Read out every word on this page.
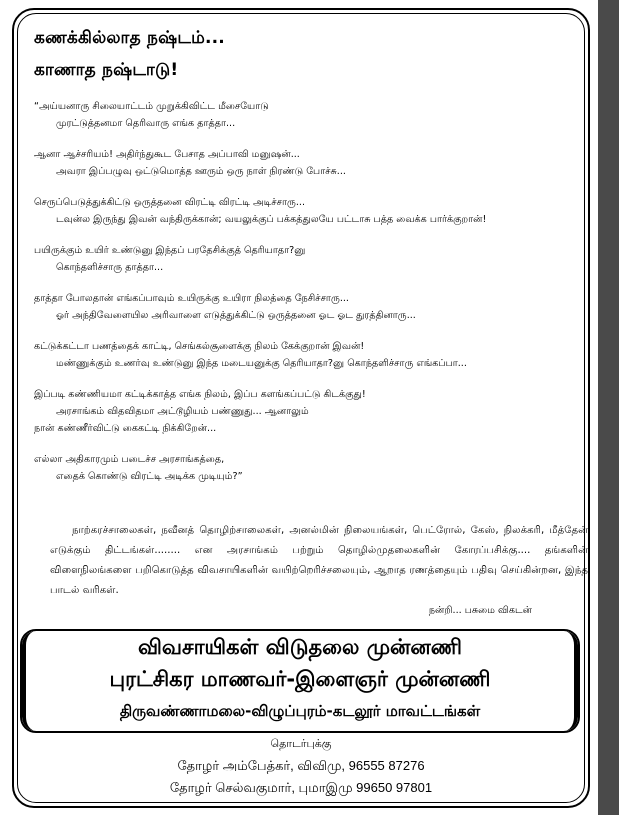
கணக்கில்லாத நஷ்டம்...
காணாத நஷ்டாடு!
“அய்யனாரு சிலையாட்டம் முறுக்கிவிட்ட மீசையோடு
முரட்டுத்தனமா தெரிவாரு எங்க தாத்தா...
ஆனா ஆச்சரியம்! அதிர்ந்துகூட பேசாத அப்பாவி மனுஷன்...
அவரா இப்பழுவு ஒட்டுமொத்த ஊரும் ஒரு நாள் நிரண்டு போச்சு...
செருப்பெடுத்துக்கிட்டு ஒருத்தனை விரட்டி விரட்டி அடிச்சாரு...
டவுன்ல இருந்து இவன் வந்திருக்கான்; வயலுக்குப் பக்கத்துலயே பட்டாசு பத்த வைக்க பார்க்குறான்!
பயிருக்கும் உயிர் உண்டுனு இந்தப் பரதேசிக்குத் தெரியாதா?னு
கொந்தளிச்சாரு தாத்தா...
தாத்தா போலதான் எங்கப்பாவும் உயிருக்கு உயிரா நிலத்தை நேசிச்சாரு...
ஓர் அந்திவேளையில அரிவாளை எடுத்துக்கிட்டு ஒருத்தனை ஓட ஓட துரத்தினாரு...
கட்டுக்கட்டா பணத்தைக் காட்டி, செங்கல்சூளைக்கு நிலம் கேக்குறான் இவன்!
மண்ணுக்கும் உணர்வு உண்டுனு இந்த மடையனுக்கு தெரியாதா?னு கொந்தளிச்சாரு எங்கப்பா...
இப்படி கண்ணியமா கட்டிக்காத்த எங்க நிலம், இப்ப களங்கப்பட்டு கிடக்குது!
அரசாங்கம் விதவிதமா அட்டூழியம் பண்ணுது... ஆனாலும்
நான் கண்ணீர்விட்டு கைகட்டி நிக்கிறேன்...
எல்லா அதிகாரமும் படைச்ச அரசாங்கத்தை,
எதைக் கொண்டு விரட்டி அடிக்க முடியும்?”
நாற்கரச்சாலைகள், நவீனத் தொழிற்சாலைகள், அனல்மின் நிலையங்கள், பெட்ரோல், கேஸ், நிலக்கரி, மீத்தேன் எடுக்கும் திட்டங்கள்........ என அரசாங்கம் பற்றும் தொழில்முதலைகளின் கோரப்பசிக்கு.... தங்களின் விளைநிலங்களை பறிகொடுத்த விவசாயிகளின் வயிற்றெரிச்சலையும், ஆறாத ரணத்தையும் பதிவு செய்கின்றன, இந்த பாடல் வரிகள்.
நன்றி... பசுமை விகடன்
விவசாயிகள் விடுதலை முன்னணி
புரட்சிகர மாணவர்-இளைஞர் முன்னணி
திருவண்ணாமலை-விழுப்புரம்-கடலூர் மாவட்டங்கள்
தொடர்புக்கு
தோழர் அம்பேத்கர், விவிமு, 96555 87276
தோழர் செல்வகுமார், புமாஇமு 99650 97801
